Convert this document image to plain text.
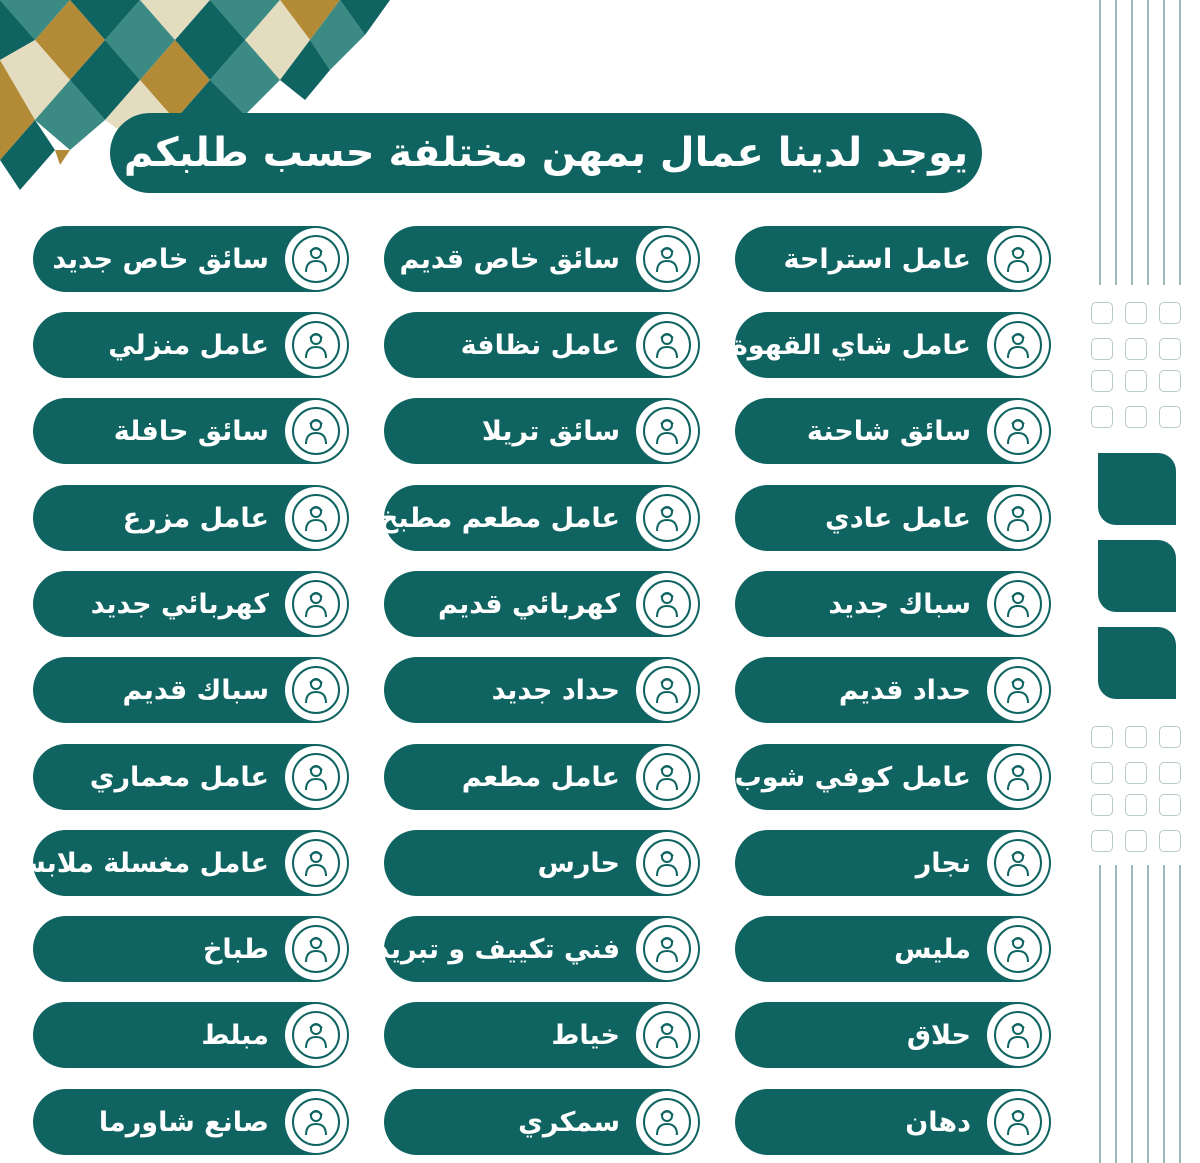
يوجد لدينا عمال بمهن مختلفة حسب طلبكم
عامل استراحة
عامل شاي القهوة
سائق شاحنة
عامل عادي
سباك جديد
حداد قديم
عامل كوفي شوب
نجار
مليس
حلاق
دهان
سائق خاص قديم
عامل نظافة
سائق تريلا
عامل مطعم مطبخ
كهربائي قديم
حداد جديد
عامل مطعم
حارس
فني تكييف و تبريد
خياط
سمكري
سائق خاص جديد
عامل منزلي
سائق حافلة
عامل مزرع
كهربائي جديد
سباك قديم
عامل معماري
عامل مغسلة ملابس
طباخ
مبلط
صانع شاورما
